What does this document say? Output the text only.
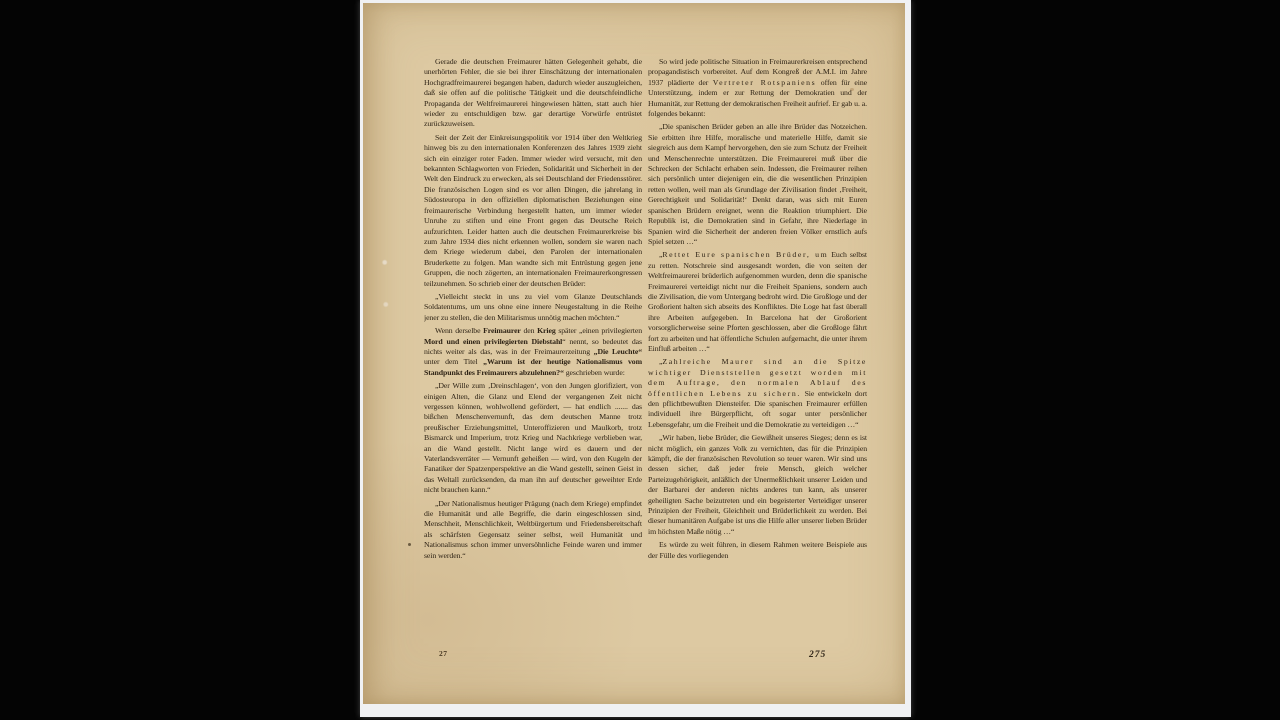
Gerade die deutschen Freimaurer hätten Gelegenheit gehabt, die unerhörten Fehler, die sie bei ihrer Einschätzung der internationalen Hochgradfreimaurerei begangen haben, dadurch wieder auszugleichen, daß sie offen auf die politische Tätigkeit und die deutschfeindliche Propaganda der Weltfreimaurerei hingewiesen hätten, statt auch hier wieder zu entschuldigen bzw. gar derartige Vorwürfe entrüstet zurückzuweisen.

Seit der Zeit der Einkreisungspolitik vor 1914 über den Weltkrieg hinweg bis zu den internationalen Konferenzen des Jahres 1939 zieht sich ein einziger roter Faden. Immer wieder wird versucht, mit den bekannten Schlagworten von Frieden, Solidarität und Sicherheit in der Welt den Eindruck zu erwecken, als sei Deutschland der Friedensstörer. Die französischen Logen sind es vor allen Dingen, die jahrelang in Südosteuropa in den offiziellen diplomatischen Beziehungen eine freimaurerische Verbindung hergestellt hatten, um immer wieder Unruhe zu stiften und eine Front gegen das Deutsche Reich aufzurichten. Leider hatten auch die deutschen Freimaurerkreise bis zum Jahre 1934 dies nicht erkennen wollen, sondern sie waren nach dem Kriege wiederum dabei, den Parolen der internationalen Bruderkette zu folgen. Man wandte sich mit Entrüstung gegen jene Gruppen, die noch zögerten, an internationalen Freimaurerkongressen teilzunehmen. So schrieb einer der deutschen Brüder:

„Vielleicht steckt in uns zu viel vom Glanze Deutschlands Soldatentums, um uns ohne eine innere Neugestaltung in die Reihe jener zu stellen, die den Militarismus unnötig machen möchten.“

Wenn derselbe Freimaurer den Krieg später „einen privilegierten Mord und einen privilegierten Diebstahl“ nennt, so bedeutet das nichts weiter als das, was in der Freimaurerzeitung „Die Leuchte“ unter dem Titel „Warum ist der heutige Nationalismus vom Standpunkt des Freimaurers abzulehnen?“ geschrieben wurde:

„Der Wille zum ‚Dreinschlagen‘, von den Jungen glorifiziert, von einigen Alten, die Glanz und Elend der vergangenen Zeit nicht vergessen können, wohlwollend gefördert, — hat endlich ....... das bißchen Menschenvernunft, das dem deutschen Manne trotz preußischer Erziehungsmittel, Unteroffizieren und Maulkorb, trotz Bismarck und Imperium, trotz Krieg und Nachkriege verblieben war, an die Wand gestellt. Nicht lange wird es dauern und der Vaterlandsverräter — Vernunft geheißen — wird, von den Kugeln der Fanatiker der Spatzenperspektive an die Wand gestellt, seinen Geist in das Weltall zurücksenden, da man ihn auf deutscher geweihter Erde nicht brauchen kann.“

„Der Nationalismus heutiger Prägung (nach dem Kriege) empfindet die Humanität und alle Begriffe, die darin eingeschlossen sind, Menschheit, Menschlichkeit, Weltbürgertum und Friedensbereitschaft als schärfsten Gegensatz seiner selbst, weil Humanität und Nationalismus schon immer unversöhnliche Feinde waren und immer sein werden.“

So wird jede politische Situation in Freimaurerkreisen entsprechend propagandistisch vorbereitet. Auf dem Kongreß der A.M.I. im Jahre 1937 plädierte der Vertreter Rotspaniens offen für eine Unterstützung, indem er zur Rettung der Demokratien und der Humanität, zur Rettung der demokratischen Freiheit aufrief. Er gab u. a. folgendes bekannt:

„Die spanischen Brüder geben an alle ihre Brüder das Notzeichen. Sie erbitten ihre Hilfe, moralische und materielle Hilfe, damit sie siegreich aus dem Kampf hervorgehen, den sie zum Schutz der Freiheit und Menschenrechte unterstützen. Die Freimaurerei muß über die Schrecken der Schlacht erhaben sein. Indessen, die Freimaurer reihen sich persönlich unter diejenigen ein, die die wesentlichen Prinzipien retten wollen, weil man als Grundlage der Zivilisation findet ‚Freiheit, Gerechtigkeit und Solidarität!‘ Denkt daran, was sich mit Euren spanischen Brüdern ereignet, wenn die Reaktion triumphiert. Die Republik ist, die Demokratien sind in Gefahr, ihre Niederlage in Spanien wird die Sicherheit der anderen freien Völker ernstlich aufs Spiel setzen …“

„Rettet Eure spanischen Brüder, um Euch selbst zu retten. Notschreie sind ausgesandt worden, die von seiten der Weltfreimaurerei brüderlich aufgenommen wurden, denn die spanische Freimaurerei verteidigt nicht nur die Freiheit Spaniens, sondern auch die Zivilisation, die vom Untergang bedroht wird. Die Großloge und der Großorient halten sich abseits des Konfliktes. Die Loge hat fast überall ihre Arbeiten aufgegeben. In Barcelona hat der Großorient vorsorglicherweise seine Pforten geschlossen, aber die Großloge fährt fort zu arbeiten und hat öffentliche Schulen aufgemacht, die unter ihrem Einfluß arbeiten …“

„Zahlreiche Maurer sind an die Spitze wichtiger Dienststellen gesetzt worden mit dem Auftrage, den normalen Ablauf des öffentlichen Lebens zu sichern. Sie entwickeln dort den pflichtbewußten Diensteifer. Die spanischen Freimaurer erfüllen individuell ihre Bürgerpflicht, oft sogar unter persönlicher Lebensgefahr, um die Freiheit und die Demokratie zu verteidigen …“

„Wir haben, liebe Brüder, die Gewißheit unseres Sieges; denn es ist nicht möglich, ein ganzes Volk zu vernichten, das für die Prinzipien kämpft, die der französischen Revolution so teuer waren. Wir sind uns dessen sicher, daß jeder freie Mensch, gleich welcher Parteizugehörigkeit, anläßlich der Unermeßlichkeit unserer Leiden und der Barbarei der anderen nichts anderes tun kann, als unserer geheiligten Sache beizutreten und ein begeisterter Verteidiger unserer Prinzipien der Freiheit, Gleichheit und Brüderlichkeit zu werden. Bei dieser humanitären Aufgabe ist uns die Hilfe aller unserer lieben Brüder im höchsten Maße nötig …“

Es würde zu weit führen, in diesem Rahmen weitere Beispiele aus der Fülle des vorliegenden

27	275
